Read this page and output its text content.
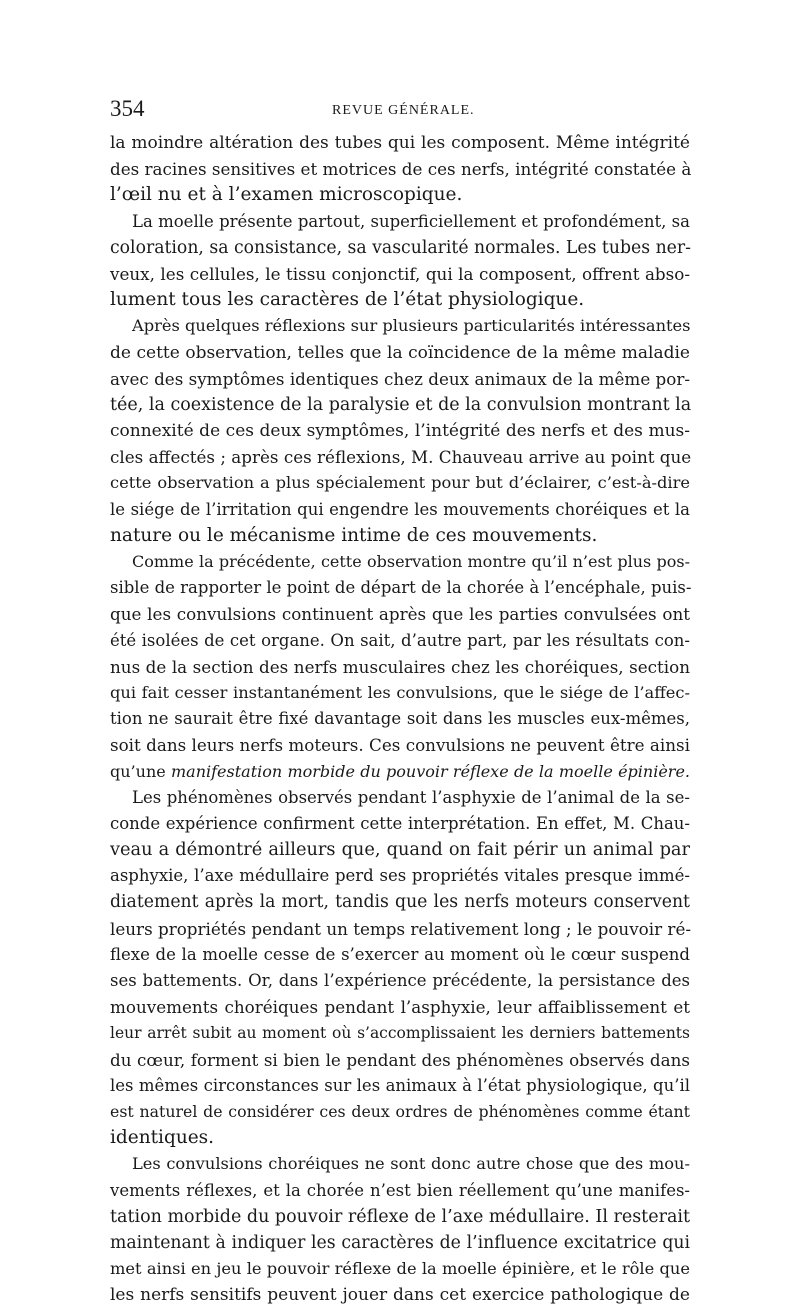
354	REVUE GÉNÉRALE.
la moindre altération des tubes qui les composent. Même intégrité
des racines sensitives et motrices de ces nerfs, intégrité constatée à
l’œil nu et à l’examen microscopique.
La moelle présente partout, superficiellement et profondément, sa
coloration, sa consistance, sa vascularité normales. Les tubes ner-
veux, les cellules, le tissu conjonctif, qui la composent, offrent abso-
lument tous les caractères de l’état physiologique.
Après quelques réflexions sur plusieurs particularités intéressantes
de cette observation, telles que la coïncidence de la même maladie
avec des symptômes identiques chez deux animaux de la même por-
tée, la coexistence de la paralysie et de la convulsion montrant la
connexité de ces deux symptômes, l’intégrité des nerfs et des mus-
cles affectés ; après ces réflexions, M. Chauveau arrive au point que
cette observation a plus spécialement pour but d’éclairer, c’est-à-dire
le siége de l’irritation qui engendre les mouvements choréiques et la
nature ou le mécanisme intime de ces mouvements.
Comme la précédente, cette observation montre qu’il n’est plus pos-
sible de rapporter le point de départ de la chorée à l’encéphale, puis-
que les convulsions continuent après que les parties convulsées ont
été isolées de cet organe. On sait, d’autre part, par les résultats con-
nus de la section des nerfs musculaires chez les choréiques, section
qui fait cesser instantanément les convulsions, que le siége de l’affec-
tion ne saurait être fixé davantage soit dans les muscles eux-mêmes,
soit dans leurs nerfs moteurs. Ces convulsions ne peuvent être ainsi
qu’une manifestation morbide du pouvoir réflexe de la moelle épinière.
Les phénomènes observés pendant l’asphyxie de l’animal de la se-
conde expérience confirment cette interprétation. En effet, M. Chau-
veau a démontré ailleurs que, quand on fait périr un animal par
asphyxie, l’axe médullaire perd ses propriétés vitales presque immé-
diatement après la mort, tandis que les nerfs moteurs conservent
leurs propriétés pendant un temps relativement long ; le pouvoir ré-
flexe de la moelle cesse de s’exercer au moment où le cœur suspend
ses battements. Or, dans l’expérience précédente, la persistance des
mouvements choréiques pendant l’asphyxie, leur affaiblissement et
leur arrêt subit au moment où s’accomplissaient les derniers battements
du cœur, forment si bien le pendant des phénomènes observés dans
les mêmes circonstances sur les animaux à l’état physiologique, qu’il
est naturel de considérer ces deux ordres de phénomènes comme étant
identiques.
Les convulsions choréiques ne sont donc autre chose que des mou-
vements réflexes, et la chorée n’est bien réellement qu’une manifes-
tation morbide du pouvoir réflexe de l’axe médullaire. Il resterait
maintenant à indiquer les caractères de l’influence excitatrice qui
met ainsi en jeu le pouvoir réflexe de la moelle épinière, et le rôle que
les nerfs sensitifs peuvent jouer dans cet exercice pathologique de
